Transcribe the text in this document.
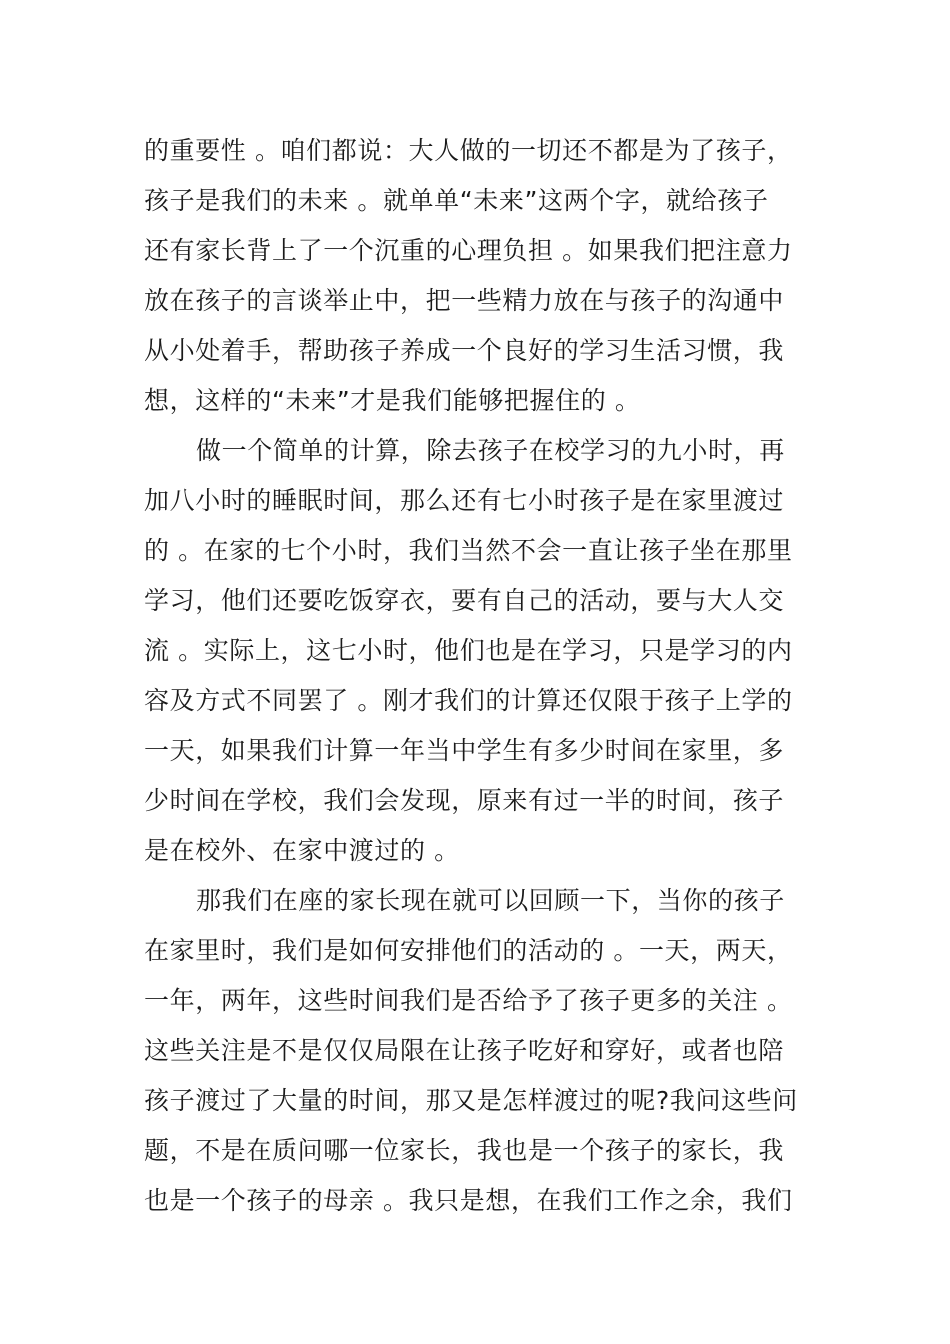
的重要性 。咱们都说：大人做的一切还不都是为了孩子，
孩子是我们的未来 。就单单“未来”这两个字，就给孩子
还有家长背上了一个沉重的心理负担 。如果我们把注意力
放在孩子的言谈举止中，把一些精力放在与孩子的沟通中
从小处着手，帮助孩子养成一个良好的学习生活习惯，我
想，这样的“未来”才是我们能够把握住的 。
做一个简单的计算，除去孩子在校学习的九小时，再
加八小时的睡眠时间，那么还有七小时孩子是在家里渡过
的 。在家的七个小时，我们当然不会一直让孩子坐在那里
学习，他们还要吃饭穿衣，要有自己的活动，要与大人交
流 。实际上，这七小时，他们也是在学习，只是学习的内
容及方式不同罢了 。刚才我们的计算还仅限于孩子上学的
一天，如果我们计算一年当中学生有多少时间在家里，多
少时间在学校，我们会发现，原来有过一半的时间，孩子
是在校外、在家中渡过的 。
那我们在座的家长现在就可以回顾一下，当你的孩子
在家里时，我们是如何安排他们的活动的 。一天，两天，
一年，两年，这些时间我们是否给予了孩子更多的关注 。
这些关注是不是仅仅局限在让孩子吃好和穿好，或者也陪
孩子渡过了大量的时间，那又是怎样渡过的呢?我问这些问
题，不是在质问哪一位家长，我也是一个孩子的家长，我
也是一个孩子的母亲 。我只是想，在我们工作之余，我们
